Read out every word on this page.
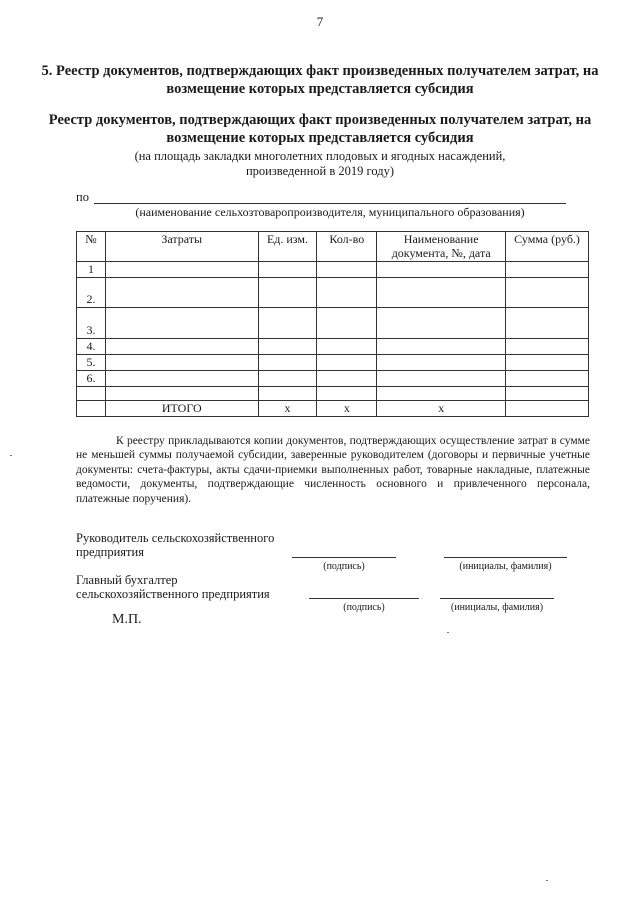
7
5. Реестр документов, подтверждающих факт произведенных получателем затрат, на возмещение которых представляется субсидия
Реестр документов, подтверждающих факт произведенных получателем затрат, на возмещение которых представляется субсидия
(на площадь закладки многолетних плодовых и ягодных насаждений,
произведенной в 2019 году)
по
(наименование сельхозтоваропроизводителя, муниципального образования)
№	Затраты	Ед. изм.	Кол-во	Наименование документа, №, дата	Сумма (руб.)
1					
2.					
3.					
4.					
5.					
6.					

	ИТОГО	х	х	х	

К реестру прикладываются копии документов, подтверждающих осуществление затрат в сумме не меньшей суммы получаемой субсидии, заверенные руководителем (договоры и первичные учетные документы: счета-фактуры, акты сдачи-приемки выполненных работ, товарные накладные, платежные ведомости, документы, подтверждающие численность основного и привлеченного персонала, платежные поручения).

Руководитель сельскохозяйственного
предприятия
(подпись)	(инициалы, фамилия)
Главный бухгалтер
сельскохозяйственного предприятия
(подпись)	(инициалы, фамилия)
М.П.
